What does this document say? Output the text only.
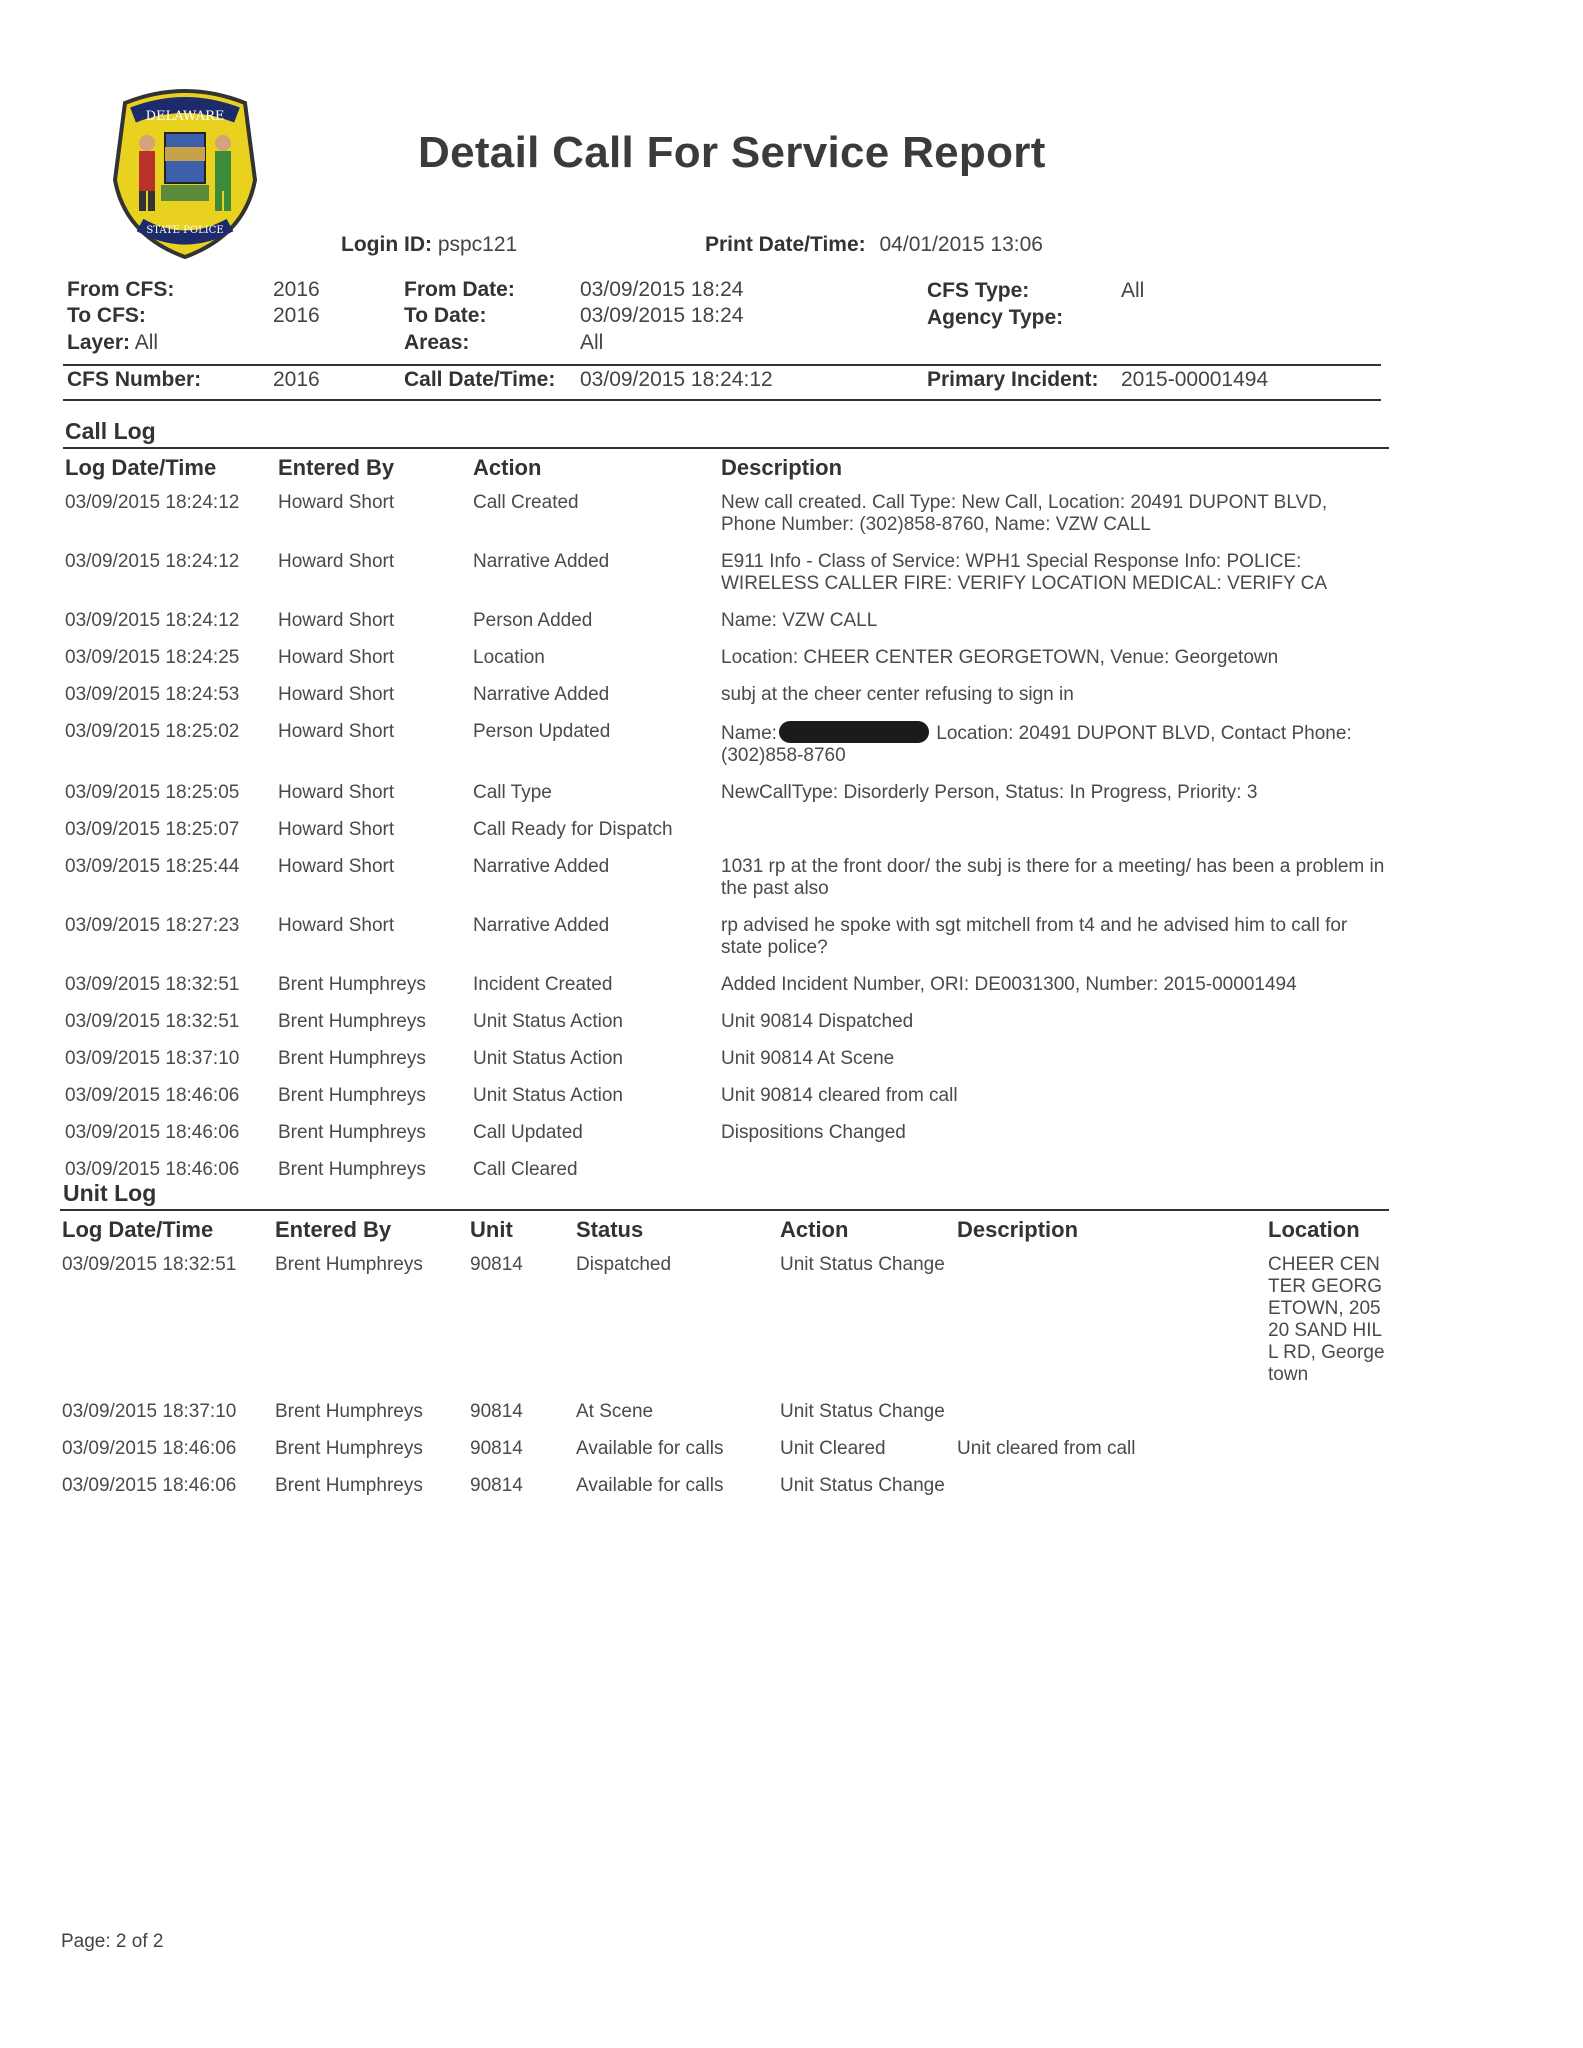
DELAWARE
STATE POLICE
Detail Call For Service Report
Login ID: pspc121	Print Date/Time: 04/01/2015 13:06
From CFS:	2016
To CFS:	2016
Layer: All
From Date:	03/09/2015 18:24
To Date:	03/09/2015 18:24
Areas:	All
CFS Type:	All
Agency Type:
CFS Number:	2016	Call Date/Time: 03/09/2015 18:24:12	Primary Incident: 2015-00001494
Call Log
Log Date/Time	Entered By	Action	Description
03/09/2015 18:24:12	Howard Short	Call Created	New call created. Call Type: New Call, Location: 20491 DUPONT BLVD, Phone Number: (302)858-8760, Name: VZW CALL
03/09/2015 18:24:12	Howard Short	Narrative Added	E911 Info - Class of Service: WPH1 Special Response Info: POLICE: WIRELESS CALLER FIRE: VERIFY LOCATION MEDICAL: VERIFY CA
03/09/2015 18:24:12	Howard Short	Person Added	Name: VZW CALL
03/09/2015 18:24:25	Howard Short	Location	Location: CHEER CENTER GEORGETOWN, Venue: Georgetown
03/09/2015 18:24:53	Howard Short	Narrative Added	subj at the cheer center refusing to sign in
03/09/2015 18:25:02	Howard Short	Person Updated	Name: Location: 20491 DUPONT BLVD, Contact Phone: (302)858-8760
03/09/2015 18:25:05	Howard Short	Call Type	NewCallType: Disorderly Person, Status: In Progress, Priority: 3
03/09/2015 18:25:07	Howard Short	Call Ready for Dispatch	
03/09/2015 18:25:44	Howard Short	Narrative Added	1031 rp at the front door/ the subj is there for a meeting/ has been a problem in the past also
03/09/2015 18:27:23	Howard Short	Narrative Added	rp advised he spoke with sgt mitchell from t4 and he advised him to call for state police?
03/09/2015 18:32:51	Brent Humphreys	Incident Created	Added Incident Number, ORI: DE0031300, Number: 2015-00001494
03/09/2015 18:32:51	Brent Humphreys	Unit Status Action	Unit 90814 Dispatched
03/09/2015 18:37:10	Brent Humphreys	Unit Status Action	Unit 90814 At Scene
03/09/2015 18:46:06	Brent Humphreys	Unit Status Action	Unit 90814 cleared from call
03/09/2015 18:46:06	Brent Humphreys	Call Updated	Dispositions Changed
03/09/2015 18:46:06	Brent Humphreys	Call Cleared	
Unit Log
Log Date/Time	Entered By	Unit	Status	Action	Description	Location
03/09/2015 18:32:51	Brent Humphreys	90814	Dispatched	Unit Status Change		CHEER CENTER GEORGETOWN, 20520 SAND HILL RD, Georgetown
03/09/2015 18:37:10	Brent Humphreys	90814	At Scene	Unit Status Change		
03/09/2015 18:46:06	Brent Humphreys	90814	Available for calls	Unit Cleared	Unit cleared from call	
03/09/2015 18:46:06	Brent Humphreys	90814	Available for calls	Unit Status Change		
Page: 2 of 2
